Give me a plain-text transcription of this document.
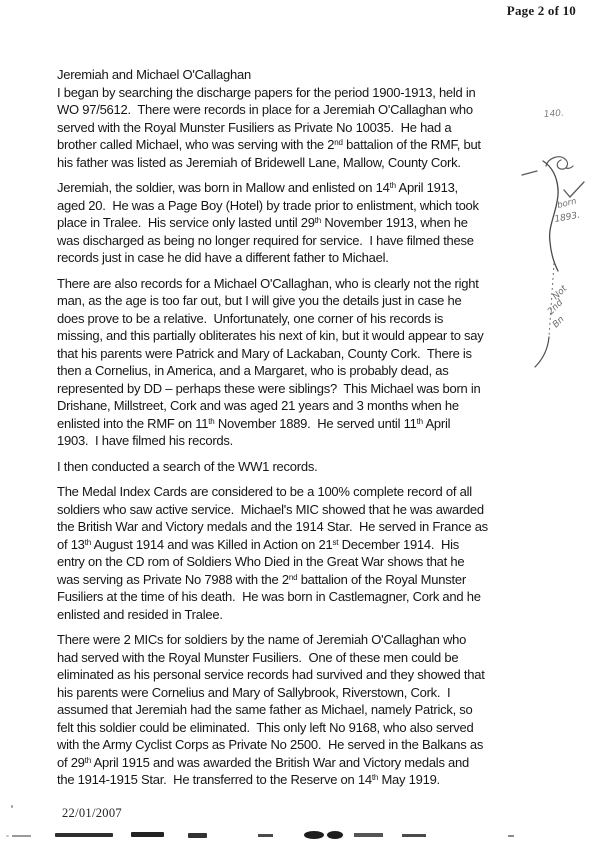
Page 2 of 10
Jeremiah and Michael O'Callaghan
I began by searching the discharge papers for the period 1900-1913, held in
WO 97/5612.  There were records in place for a Jeremiah O'Callaghan who
served with the Royal Munster Fusiliers as Private No 10035.  He had a
brother called Michael, who was serving with the 2nd battalion of the RMF, but
his father was listed as Jeremiah of Bridewell Lane, Mallow, County Cork.
Jeremiah, the soldier, was born in Mallow and enlisted on 14th April 1913,
aged 20.  He was a Page Boy (Hotel) by trade prior to enlistment, which took
place in Tralee.  His service only lasted until 29th November 1913, when he
was discharged as being no longer required for service.  I have filmed these
records just in case he did have a different father to Michael.
There are also records for a Michael O'Callaghan, who is clearly not the right
man, as the age is too far out, but I will give you the details just in case he
does prove to be a relative.  Unfortunately, one corner of his records is
missing, and this partially obliterates his next of kin, but it would appear to say
that his parents were Patrick and Mary of Lackaban, County Cork.  There is
then a Cornelius, in America, and a Margaret, who is probably dead, as
represented by DD – perhaps these were siblings?  This Michael was born in
Drishane, Millstreet, Cork and was aged 21 years and 3 months when he
enlisted into the RMF on 11th November 1889.  He served until 11th April
1903.  I have filmed his records.
I then conducted a search of the WW1 records.
The Medal Index Cards are considered to be a 100% complete record of all
soldiers who saw active service.  Michael's MIC showed that he was awarded
the British War and Victory medals and the 1914 Star.  He served in France as
of 13th August 1914 and was Killed in Action on 21st December 1914.  His
entry on the CD rom of Soldiers Who Died in the Great War shows that he
was serving as Private No 7988 with the 2nd battalion of the Royal Munster
Fusiliers at the time of his death.  He was born in Castlemagner, Cork and he
enlisted and resided in Tralee.
There were 2 MICs for soldiers by the name of Jeremiah O'Callaghan who
had served with the Royal Munster Fusiliers.  One of these men could be
eliminated as his personal service records had survived and they showed that
his parents were Cornelius and Mary of Sallybrook, Riverstown, Cork.  I
assumed that Jeremiah had the same father as Michael, namely Patrick, so
felt this soldier could be eliminated.  This only left No 9168, who also served
with the Army Cyclist Corps as Private No 2500.  He served in the Balkans as
of 29th April 1915 and was awarded the British War and Victory medals and
the 1914-1915 Star.  He transferred to the Reserve on 14th May 1919.
22/01/2007
140.
born
1893.
Not
2nd
Bn
